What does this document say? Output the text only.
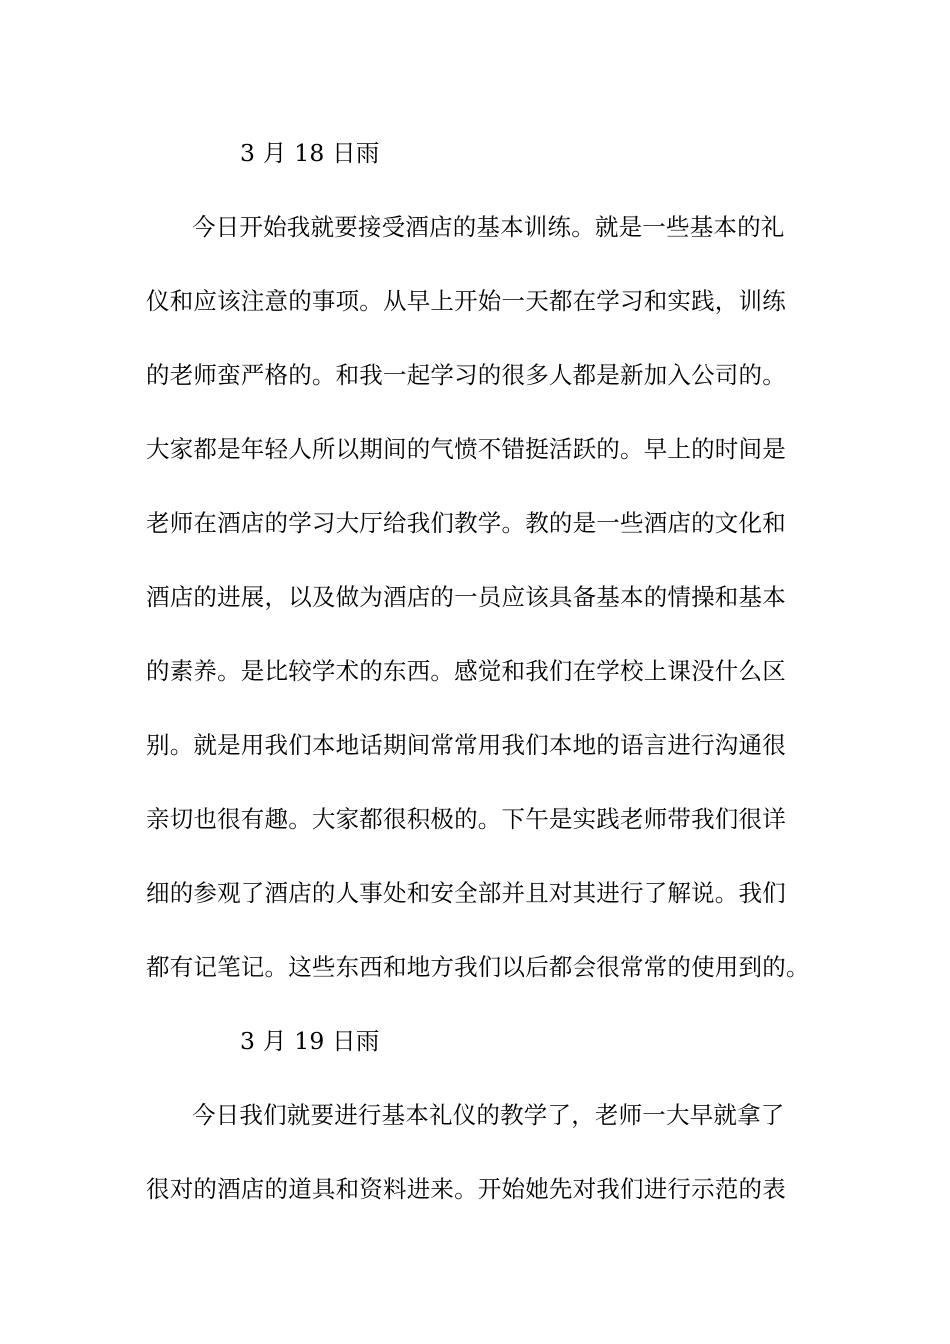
3 月 18 日雨
今日开始我就要接受酒店的基本训练。就是一些基本的礼
仪和应该注意的事项。从早上开始一天都在学习和实践，训练
的老师蛮严格的。和我一起学习的很多人都是新加入公司的。
大家都是年轻人所以期间的气愤不错挺活跃的。早上的时间是
老师在酒店的学习大厅给我们教学。教的是一些酒店的文化和
酒店的进展，以及做为酒店的一员应该具备基本的情操和基本
的素养。是比较学术的东西。感觉和我们在学校上课没什么区
别。就是用我们本地话期间常常用我们本地的语言进行沟通很
亲切也很有趣。大家都很积极的。下午是实践老师带我们很详
细的参观了酒店的人事处和安全部并且对其进行了解说。我们
都有记笔记。这些东西和地方我们以后都会很常常的使用到的。
3 月 19 日雨
今日我们就要进行基本礼仪的教学了，老师一大早就拿了
很对的酒店的道具和资料进来。开始她先对我们进行示范的表
